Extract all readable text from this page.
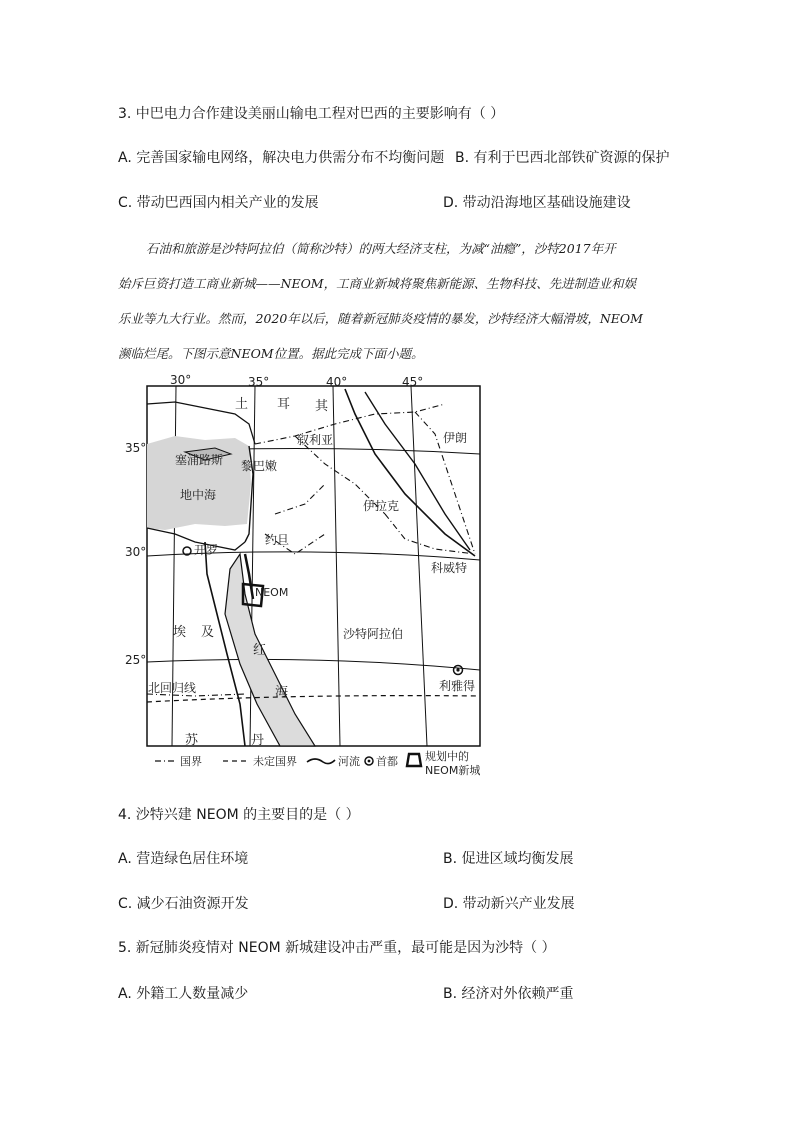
3. 中巴电力合作建设美丽山输电工程对巴西的主要影响有（ ）
A. 完善国家输电网络，解决电力供需分布不均衡问题 B. 有利于巴西北部铁矿资源的保护
C. 带动巴西国内相关产业的发展	D. 带动沿海地区基础设施建设

石油和旅游是沙特阿拉伯（简称沙特）的两大经济支柱，为减“油瘾”，沙特2017年开

始斥巨资打造工商业新城——NEOM，工商业新城将聚焦新能源、生物科技、先进制造业和娱

乐业等九大行业。然而，2020年以后，随着新冠肺炎疫情的暴发，沙特经济大幅滑坡，NEOM

濒临烂尾。下图示意NEOM位置。据此完成下面小题。

30°	35°	40°	45°
35°
30°
25°
土 耳 其
叙利亚	伊朗
塞浦路斯 黎巴嫩
地中海
伊拉克
约旦
开罗
科威特
NEOM
埃 及	沙特阿拉伯
红
利雅得
北回归线	海
苏	丹
国界	未定国界	河流 首都 规划中的
NEOM新城
4. 沙特兴建 NEOM 的主要目的是（ ）
A. 营造绿色居住环境	B. 促进区域均衡发展
C. 减少石油资源开发	D. 带动新兴产业发展
5. 新冠肺炎疫情对 NEOM 新城建设冲击严重，最可能是因为沙特（ ）
A. 外籍工人数量减少	B. 经济对外依赖严重
